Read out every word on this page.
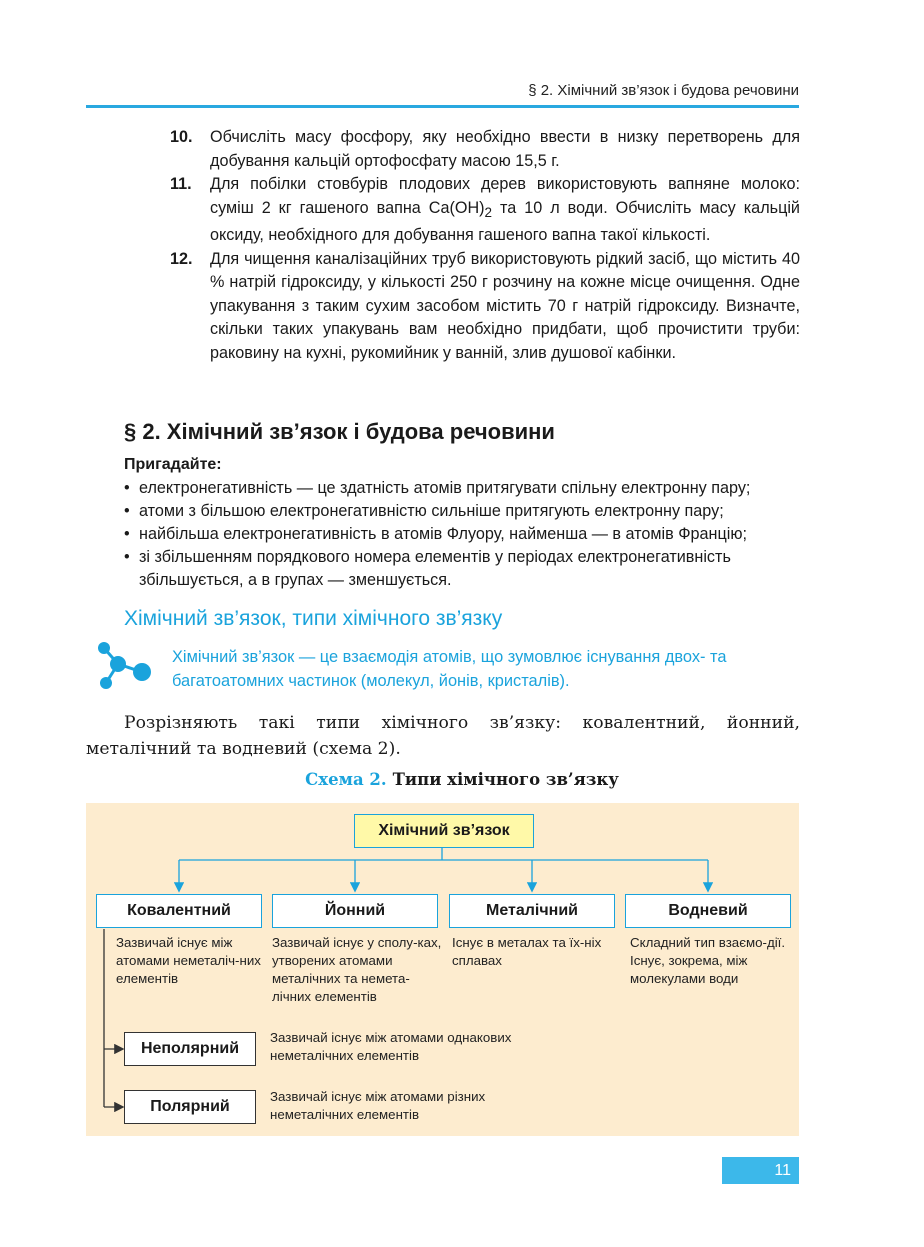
§ 2. Хімічний зв’язок і будова речовини
10.	Обчисліть масу фосфору, яку необхідно ввести в низку перетворень для добування кальцій ортофосфату масою 15,5 г.
11.	Для побілки стовбурів плодових дерев використовують вапняне молоко: суміш 2 кг гашеного вапна $Ca(OH)_2$ та 10 л води. Обчисліть масу кальцій оксиду, необхідного для добування гашеного вапна такої кількості.
12.	Для чищення каналізаційних труб використовують рідкий засіб, що містить 40 % натрій гідроксиду, у кількості 250 г розчину на кожне місце очищення. Одне упакування з таким сухим засобом містить 70 г натрій гідроксиду. Визначте, скільки таких упакувань вам необхідно придбати, щоб прочистити труби: раковину на кухні, рукомийник у ванній, злив душової кабінки.
§ 2. Хімічний зв’язок і будова речовини
Пригадайте:
• електронегативність — це здатність атомів притягувати спільну електронну пару;
• атоми з більшою електронегативністю сильніше притягують електронну пару;
• найбільша електронегативність в атомів Флуору, найменша — в атомів Францію;
• зі збільшенням порядкового номера елементів у періодах електронегативність збільшується, а в групах — зменшується.
Хімічний зв’язок, типи хімічного зв’язку
Хімічний зв’язок — це взаємодія атомів, що зумовлює існування двох- та багатоатомних частинок (молекул, йонів, кристалів).
Розрізняють такі типи хімічного зв’язку: ковалентний, йонний, металічний та водневий (схема 2).
Схема 2. Типи хімічного зв’язку
Хімічний зв’язок
Ковалентний	Йонний	Металічний	Водневий
Зазвичай існує між атомами неметаліч-них елементів
Зазвичай існує у сполу-ках, утворених атомами металічних та немета-лічних елементів
Існує в металах та їх-ніх сплавах
Складний тип взаємо-дії. Існує, зокрема, між молекулами води
Неполярний
Полярний
Зазвичай існує між атомами однакових неметалічних елементів
Зазвичай існує між атомами різних неметалічних елементів
11
